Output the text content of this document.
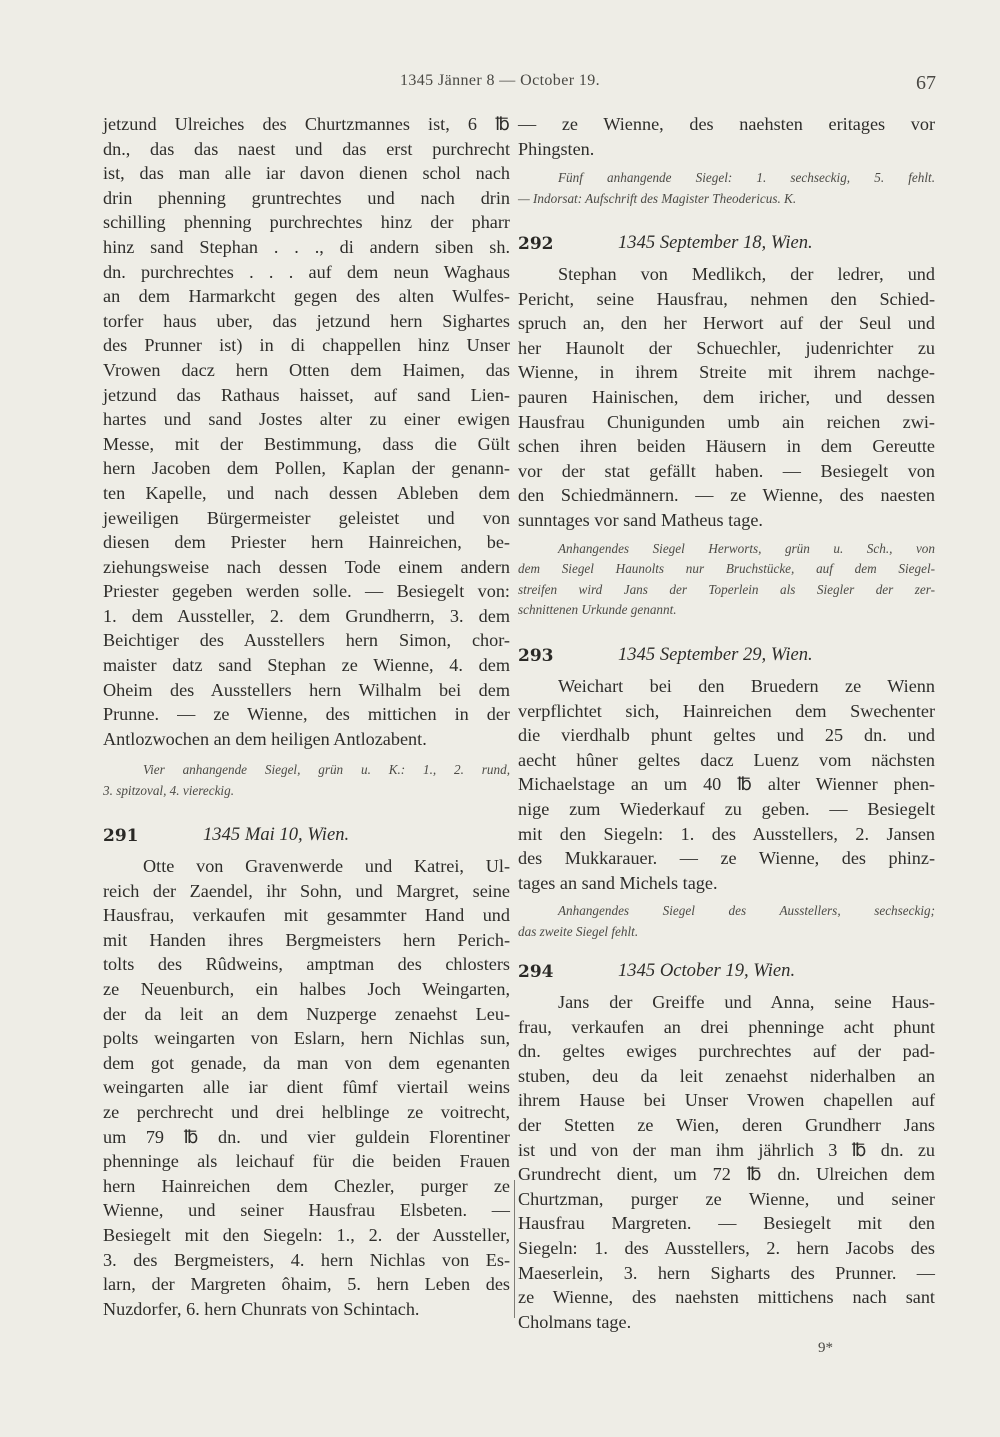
1345 Jänner 8 — October 19.	67

jetzund Ulreiches des Churtzmannes ist, 6 ℔
dn., das das naest und das erst purchrecht
ist, das man alle iar davon dienen schol nach
drin phenning gruntrechtes und nach drin
schilling phenning purchrechtes hinz der pharr
hinz sand Stephan . . ., di andern siben sh.
dn. purchrechtes . . . auf dem neun Waghaus
an dem Harmarkcht gegen des alten Wulfes-
torfer haus uber, das jetzund hern Sighartes
des Prunner ist) in di chappellen hinz Unser
Vrowen dacz hern Otten dem Haimen, das
jetzund das Rathaus haisset, auf sand Lien-
hartes und sand Jostes alter zu einer ewigen
Messe, mit der Bestimmung, dass die Gült
hern Jacoben dem Pollen, Kaplan der genann-
ten Kapelle, und nach dessen Ableben dem
jeweiligen Bürgermeister geleistet und von
diesen dem Priester hern Hainreichen, be-
ziehungsweise nach dessen Tode einem andern
Priester gegeben werden solle. — Besiegelt von:
1. dem Aussteller, 2. dem Grundherrn, 3. dem
Beichtiger des Ausstellers hern Simon, chor-
maister datz sand Stephan ze Wienne, 4. dem
Oheim des Ausstellers hern Wilhalm bei dem
Prunne. — ze Wienne, des mittichen in der
Antlozwochen an dem heiligen Antlozabent.

Vier anhangende Siegel, grün u. K.: 1., 2. rund,
3. spitzoval, 4. viereckig.

291	1345 Mai 10, Wien.

Otte von Gravenwerde und Katrei, Ul-
reich der Zaendel, ihr Sohn, und Margret, seine
Hausfrau, verkaufen mit gesammter Hand und
mit Handen ihres Bergmeisters hern Perich-
tolts des Rûdweins, amptman des chlosters
ze Neuenburch, ein halbes Joch Weingarten,
der da leit an dem Nuzperge zenaehst Leu-
polts weingarten von Eslarn, hern Nichlas sun,
dem got genade, da man von dem egenanten
weingarten alle iar dient fûmf viertail weins
ze perchrecht und drei helblinge ze voitrecht,
um 79 ℔ dn. und vier guldein Florentiner
phenninge als leichauf für die beiden Frauen
hern Hainreichen dem Chezler, purger ze
Wienne, und seiner Hausfrau Elsbeten. —
Besiegelt mit den Siegeln: 1., 2. der Aussteller,
3. des Bergmeisters, 4. hern Nichlas von Es-
larn, der Margreten ôhaim, 5. hern Leben des
Nuzdorfer, 6. hern Chunrats von Schintach.

— ze Wienne, des naehsten eritages vor
Phingsten.

Fünf anhangende Siegel: 1. sechseckig, 5. fehlt.
— Indorsat: Aufschrift des Magister Theodericus. K.

292	1345 September 18, Wien.

Stephan von Medlikch, der ledrer, und
Pericht, seine Hausfrau, nehmen den Schied-
spruch an, den her Herwort auf der Seul und
her Haunolt der Schuechler, judenrichter zu
Wienne, in ihrem Streite mit ihrem nachge-
pauren Hainischen, dem iricher, und dessen
Hausfrau Chunigunden umb ain reichen zwi-
schen ihren beiden Häusern in dem Gereutte
vor der stat gefällt haben. — Besiegelt von
den Schiedmännern. — ze Wienne, des naesten
sunntages vor sand Matheus tage.

Anhangendes Siegel Herworts, grün u. Sch., von
dem Siegel Haunolts nur Bruchstücke, auf dem Siegel-
streifen wird Jans der Toperlein als Siegler der zer-
schnittenen Urkunde genannt.

293	1345 September 29, Wien.

Weichart bei den Bruedern ze Wienn
verpflichtet sich, Hainreichen dem Swechenter
die vierdhalb phunt geltes und 25 dn. und
aecht hûner geltes dacz Luenz vom nächsten
Michaelstage an um 40 ℔ alter Wienner phen-
nige zum Wiederkauf zu geben. — Besiegelt
mit den Siegeln: 1. des Ausstellers, 2. Jansen
des Mukkarauer. — ze Wienne, des phinz-
tages an sand Michels tage.

Anhangendes Siegel des Ausstellers, sechseckig;
das zweite Siegel fehlt.

294	1345 October 19, Wien.

Jans der Greiffe und Anna, seine Haus-
frau, verkaufen an drei phenninge acht phunt
dn. geltes ewiges purchrechtes auf der pad-
stuben, deu da leit zenaehst niderhalben an
ihrem Hause bei Unser Vrowen chapellen auf
der Stetten ze Wien, deren Grundherr Jans
ist und von der man ihm jährlich 3 ℔ dn. zu
Grundrecht dient, um 72 ℔ dn. Ulreichen dem
Churtzman, purger ze Wienne, und seiner
Hausfrau Margreten. — Besiegelt mit den
Siegeln: 1. des Ausstellers, 2. hern Jacobs des
Maeserlein, 3. hern Sigharts des Prunner. —
ze Wienne, des naehsten mittichens nach sant
Cholmans tage.

9*
